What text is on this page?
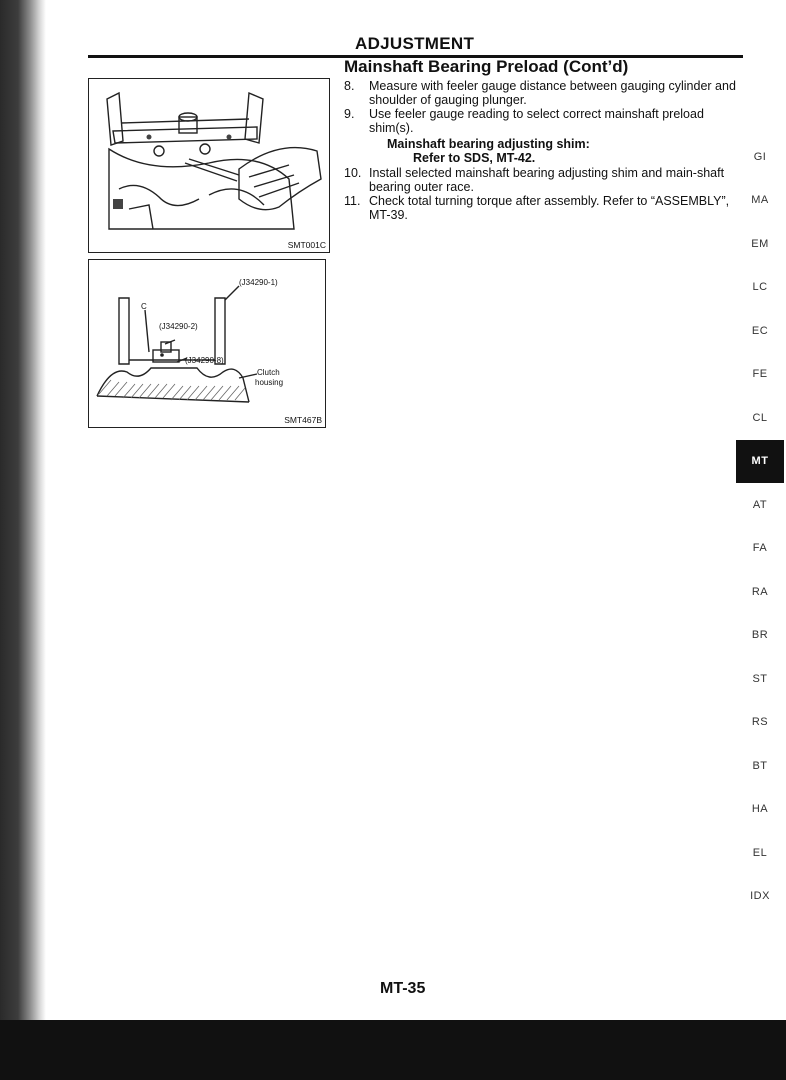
ADJUSTMENT
Mainshaft Bearing Preload (Cont’d)
SMT001C
(J34290-1)
C
(J34290-2)
(J34290-8)
Clutch
housing
SMT467B
8.	Measure with feeler gauge distance between gauging cylinder and shoulder of gauging plunger.
9.	Use feeler gauge reading to select correct mainshaft preload shim(s).
10. Install selected mainshaft bearing adjusting shim and main-shaft bearing outer race.
11. Check total turning torque after assembly. Refer to “ASSEMBLY”, MT-39.
Mainshaft bearing adjusting shim:
Refer to SDS, MT-42.	GI
MA
EM
LC
EC
FE
CL
MT
AT
FA
RA
BR
ST
RS
BT
HA
EL
IDX
MT-35
